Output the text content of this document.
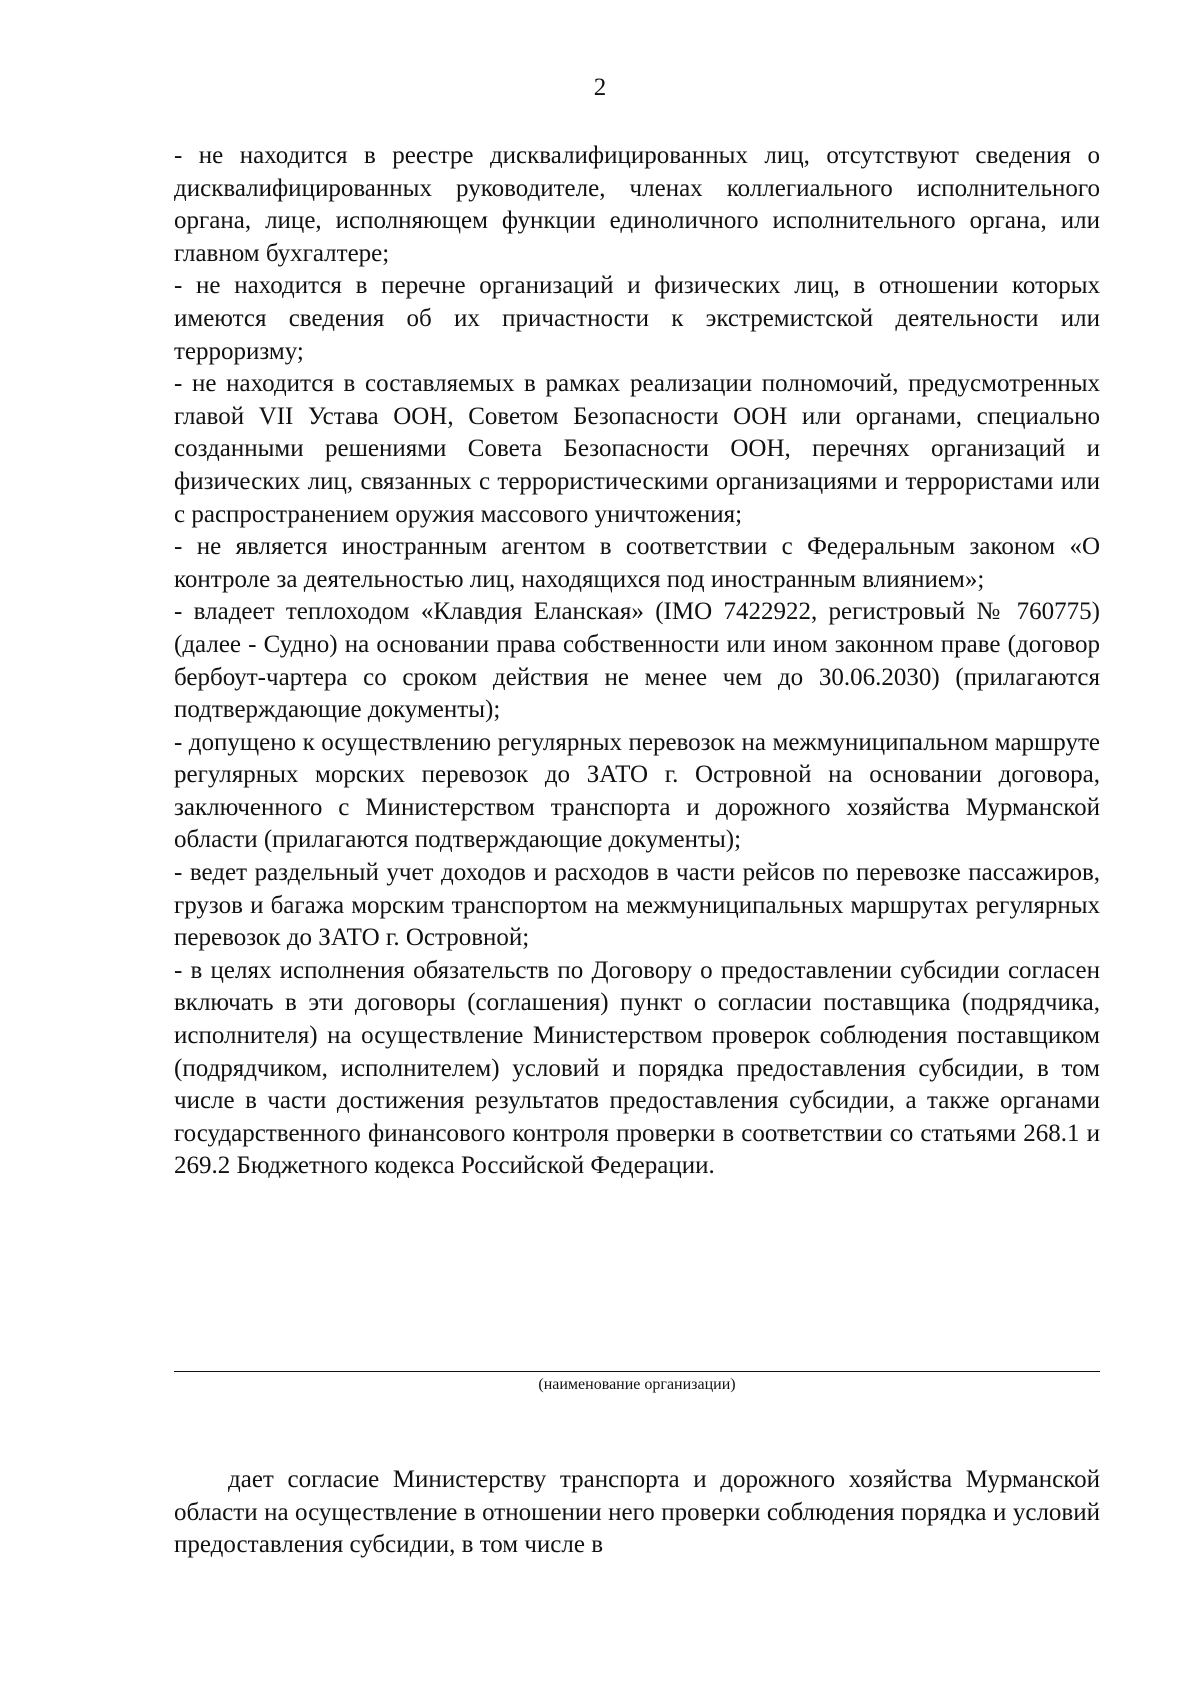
2

- не находится в реестре дисквалифицированных лиц, отсутствуют сведения о дисквалифицированных руководителе, членах коллегиального исполнительного органа, лице, исполняющем функции единоличного исполнительного органа, или главном бухгалтере;

- не находится в перечне организаций и физических лиц, в отношении которых имеются сведения об их причастности к экстремистской деятельности или терроризму;

- не находится в составляемых в рамках реализации полномочий, предусмотренных главой VII Устава ООН, Советом Безопасности ООН или органами, специально созданными решениями Совета Безопасности ООН, перечнях организаций и физических лиц, связанных с террористическими организациями и террористами или с распространением оружия массового уничтожения;

- не является иностранным агентом в соответствии с Федеральным законом «О контроле за деятельностью лиц, находящихся под иностранным влиянием»;

- владеет теплоходом «Клавдия Еланская» (IMO 7422922, регистровый № 760775) (далее - Судно) на основании права собственности или ином законном праве (договор бербоут-чартера со сроком действия не менее чем до 30.06.2030) (прилагаются подтверждающие документы);

- допущено к осуществлению регулярных перевозок на межмуниципальном маршруте регулярных морских перевозок до ЗАТО г. Островной на основании договора, заключенного с Министерством транспорта и дорожного хозяйства Мурманской области (прилагаются подтверждающие документы);

- ведет раздельный учет доходов и расходов в части рейсов по перевозке пассажиров, грузов и багажа морским транспортом на межмуниципальных маршрутах регулярных перевозок до ЗАТО г. Островной;

- в целях исполнения обязательств по Договору о предоставлении субсидии согласен включать в эти договоры (соглашения) пункт о согласии поставщика (подрядчика, исполнителя) на осуществление Министерством проверок соблюдения поставщиком (подрядчиком, исполнителем) условий и порядка предоставления субсидии, в том числе в части достижения результатов предоставления субсидии, а также органами государственного финансового контроля проверки в соответствии со статьями 268.1 и 269.2 Бюджетного кодекса Российской Федерации.

(наименование организации)

дает согласие Министерству транспорта и дорожного хозяйства Мурманской области на осуществление в отношении него проверки соблюдения порядка и условий предоставления субсидии, в том числе в
